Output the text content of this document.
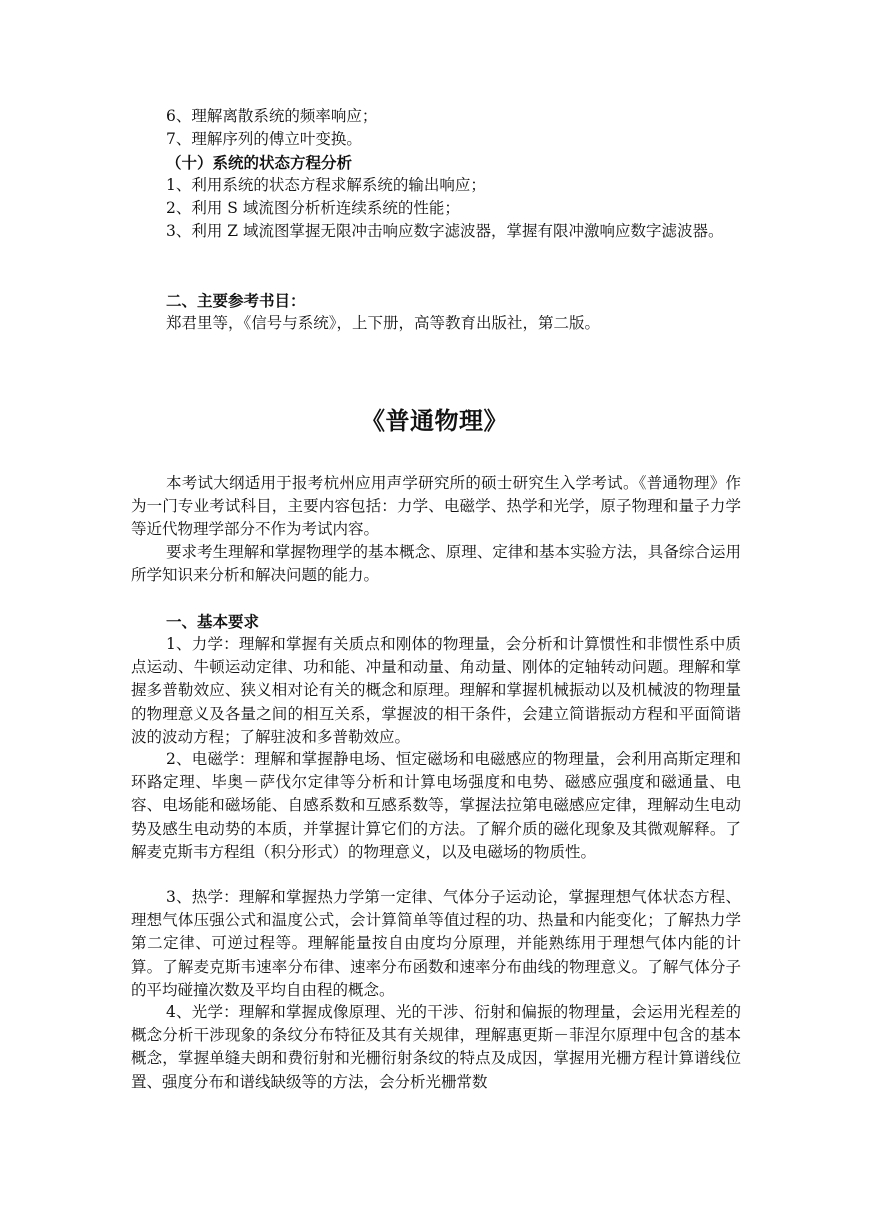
6、理解离散系统的频率响应；
7、理解序列的傅立叶变换。
（十）系统的状态方程分析
1、利用系统的状态方程求解系统的输出响应；
2、利用 S 域流图分析析连续系统的性能；
3、利用 Z 域流图掌握无限冲击响应数字滤波器，掌握有限冲激响应数字滤波器。
二、主要参考书目：
郑君里等，《信号与系统》，上下册，高等教育出版社，第二版。
《普通物理》
本考试大纲适用于报考杭州应用声学研究所的硕士研究生入学考试。《普通物理》作为一门专业考试科目，主要内容包括：力学、电磁学、热学和光学，原子物理和量子力学等近代物理学部分不作为考试内容。
要求考生理解和掌握物理学的基本概念、原理、定律和基本实验方法，具备综合运用所学知识来分析和解决问题的能力。
一、基本要求
1、力学：理解和掌握有关质点和刚体的物理量，会分析和计算惯性和非惯性系中质点运动、牛顿运动定律、功和能、冲量和动量、角动量、刚体的定轴转动问题。理解和掌握多普勒效应、狭义相对论有关的概念和原理。理解和掌握机械振动以及机械波的物理量的物理意义及各量之间的相互关系，掌握波的相干条件，会建立简谐振动方程和平面简谐波的波动方程；了解驻波和多普勒效应。
2、电磁学：理解和掌握静电场、恒定磁场和电磁感应的物理量，会利用高斯定理和环路定理、毕奥－萨伐尔定律等分析和计算电场强度和电势、磁感应强度和磁通量、电容、电场能和磁场能、自感系数和互感系数等，掌握法拉第电磁感应定律，理解动生电动势及感生电动势的本质，并掌握计算它们的方法。了解介质的磁化现象及其微观解释。了解麦克斯韦方程组（积分形式）的物理意义，以及电磁场的物质性。
3、热学：理解和掌握热力学第一定律、气体分子运动论，掌握理想气体状态方程、理想气体压强公式和温度公式，会计算简单等值过程的功、热量和内能变化；了解热力学第二定律、可逆过程等。理解能量按自由度均分原理，并能熟练用于理想气体内能的计算。了解麦克斯韦速率分布律、速率分布函数和速率分布曲线的物理意义。了解气体分子的平均碰撞次数及平均自由程的概念。
4、光学：理解和掌握成像原理、光的干涉、衍射和偏振的物理量，会运用光程差的概念分析干涉现象的条纹分布特征及其有关规律，理解惠更斯－菲涅尔原理中包含的基本概念，掌握单缝夫朗和费衍射和光栅衍射条纹的特点及成因，掌握用光栅方程计算谱线位置、强度分布和谱线缺级等的方法，会分析光栅常数
